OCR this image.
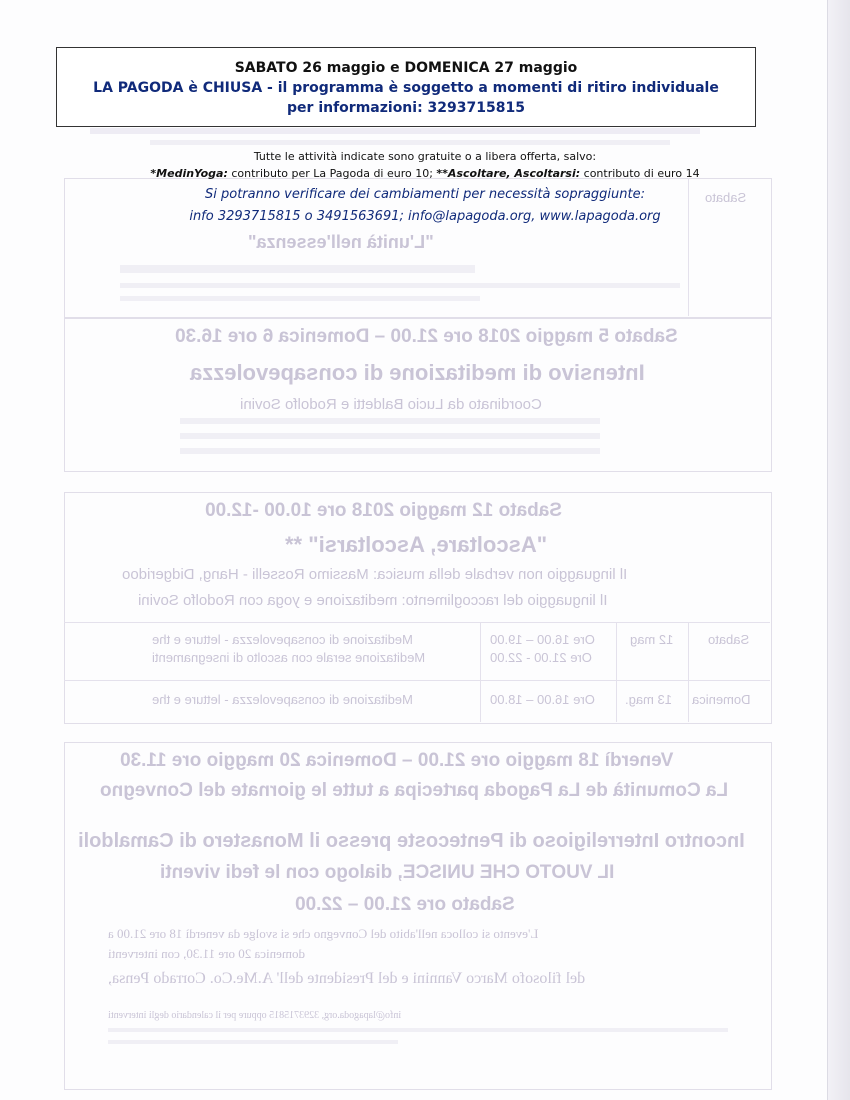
Sabato
"L'unità nell'essenza"
Sabato 5 maggio 2018 ore 21.00 – Domenica 6 ore 16.30
Intensivo di meditazione di consapevolezza
Coordinato da Lucio Baldetti e Rodolfo Sovini
Sabato 12 maggio 2018 ore 10.00 -12.00
"Ascoltare, Ascoltarsi" **
Il linguaggio non verbale della musica: Massimo Rosselli - Hang, Didgeridoo
Il linguaggio del raccoglimento: meditazione e yoga con Rodolfo Sovini
Sabato
12 mag
Ore 16.00 – 19.00
Ore 21.00 - 22.00
Meditazione di consapevolezza - letture e the
Meditazione serale con ascolto di insegnamenti
Domenica
13 mag.
Ore 16.00 – 18.00
Meditazione di consapevolezza - letture e the
Venerdì 18 maggio ore 21.00 – Domenica 20 maggio ore 11.30
La Comunità de La Pagoda partecipa a tutte le giornate del Convegno
Incontro Interreligioso di Pentecoste presso il Monastero di Camaldoli
IL VUOTO CHE UNISCE, dialogo con le fedi viventi
Sabato ore 21.00 – 22.00
L'evento si colloca nell'abito del Convegno che si svolge da venerdì 18 ore 21.00 a
domenica 20 ore 11.30, con interventi
del filosofo Marco Vannini e del Presidente dell' A.Me.Co. Corrado Pensa,
info@lapagoda.org, 3293715815 oppure per il calendario degli interventi
SABATO 26 maggio e DOMENICA 27 maggio
LA PAGODA è CHIUSA - il programma è soggetto a momenti di ritiro individuale
per informazioni: 3293715815
Tutte le attività indicate sono gratuite o a libera offerta, salvo:
*MedinYoga: contributo per La Pagoda di euro 10; **Ascoltare, Ascoltarsi: contributo di euro 14
Si potranno verificare dei cambiamenti per necessità sopraggiunte:
info 3293715815 o 3491563691; info@lapagoda.org, www.lapagoda.org
